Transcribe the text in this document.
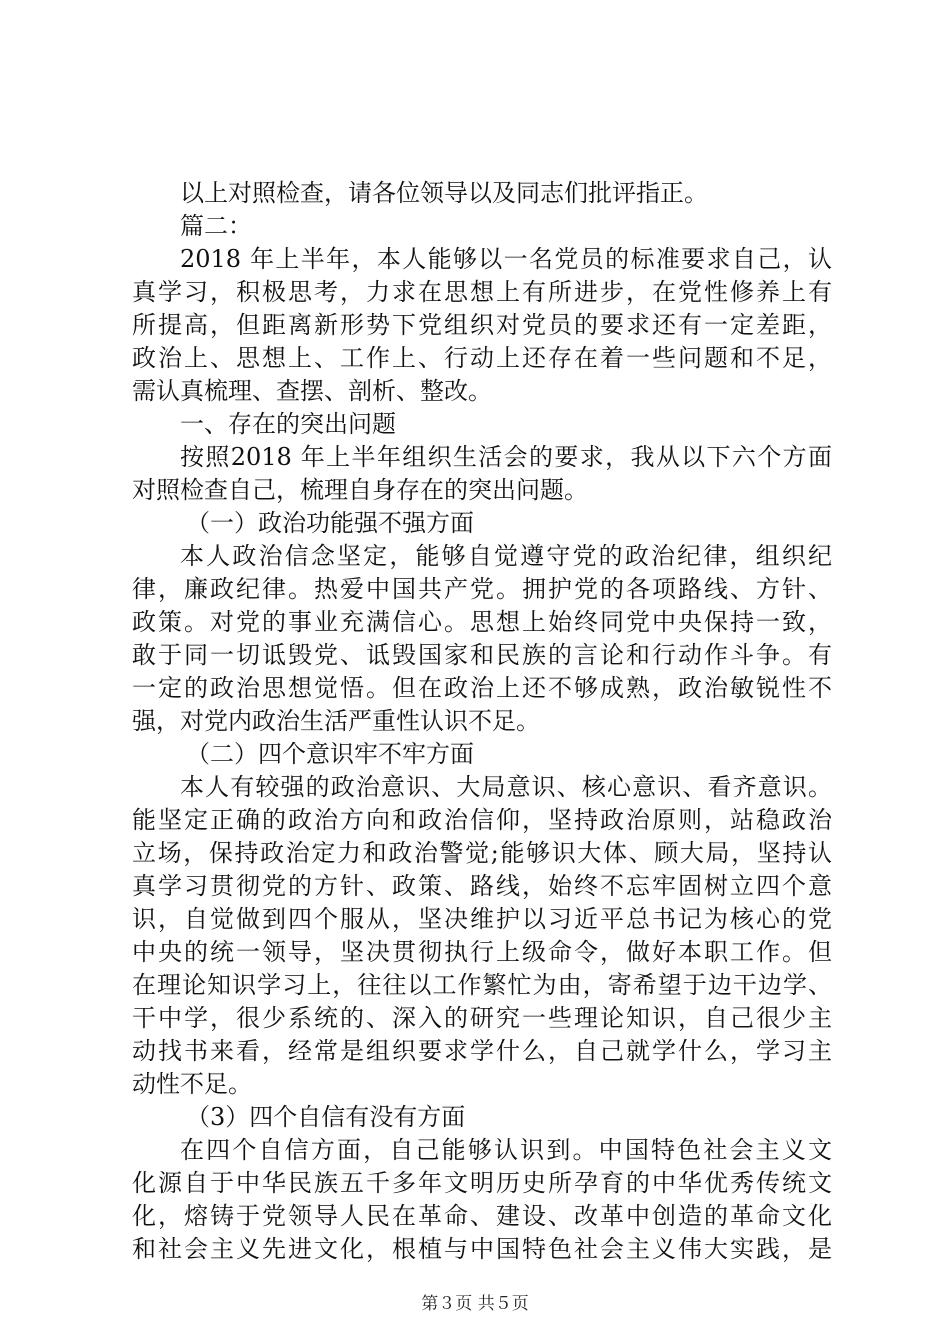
以上对照检查，请各位领导以及同志们批评指正。
篇二：
2018 年上半年，本人能够以一名党员的标准要求自己，认
真学习，积极思考，力求在思想上有所进步，在党性修养上有
所提高，但距离新形势下党组织对党员的要求还有一定差距，
政治上、思想上、工作上、行动上还存在着一些问题和不足，
需认真梳理、查摆、剖析、整改。
一、存在的突出问题
按照2018 年上半年组织生活会的要求，我从以下六个方面
对照检查自己，梳理自身存在的突出问题。
（一）政治功能强不强方面
本人政治信念坚定，能够自觉遵守党的政治纪律，组织纪
律，廉政纪律。热爱中国共产党。拥护党的各项路线、方针、
政策。对党的事业充满信心。思想上始终同党中央保持一致，
敢于同一切诋毁党、诋毁国家和民族的言论和行动作斗争。有
一定的政治思想觉悟。但在政治上还不够成熟，政治敏锐性不
强，对党内政治生活严重性认识不足。
（二）四个意识牢不牢方面
本人有较强的政治意识、大局意识、核心意识、看齐意识。
能坚定正确的政治方向和政治信仰，坚持政治原则，站稳政治
立场，保持政治定力和政治警觉;能够识大体、顾大局，坚持认
真学习贯彻党的方针、政策、路线，始终不忘牢固树立四个意
识，自觉做到四个服从，坚决维护以习近平总书记为核心的党
中央的统一领导，坚决贯彻执行上级命令，做好本职工作。但
在理论知识学习上，往往以工作繁忙为由，寄希望于边干边学、
干中学，很少系统的、深入的研究一些理论知识，自己很少主
动找书来看，经常是组织要求学什么，自己就学什么，学习主
动性不足。
（3）四个自信有没有方面
在四个自信方面，自己能够认识到。中国特色社会主义文
化源自于中华民族五千多年文明历史所孕育的中华优秀传统文
化，熔铸于党领导人民在革命、建设、改革中创造的革命文化
和社会主义先进文化，根植与中国特色社会主义伟大实践，是
第３页 共５页
